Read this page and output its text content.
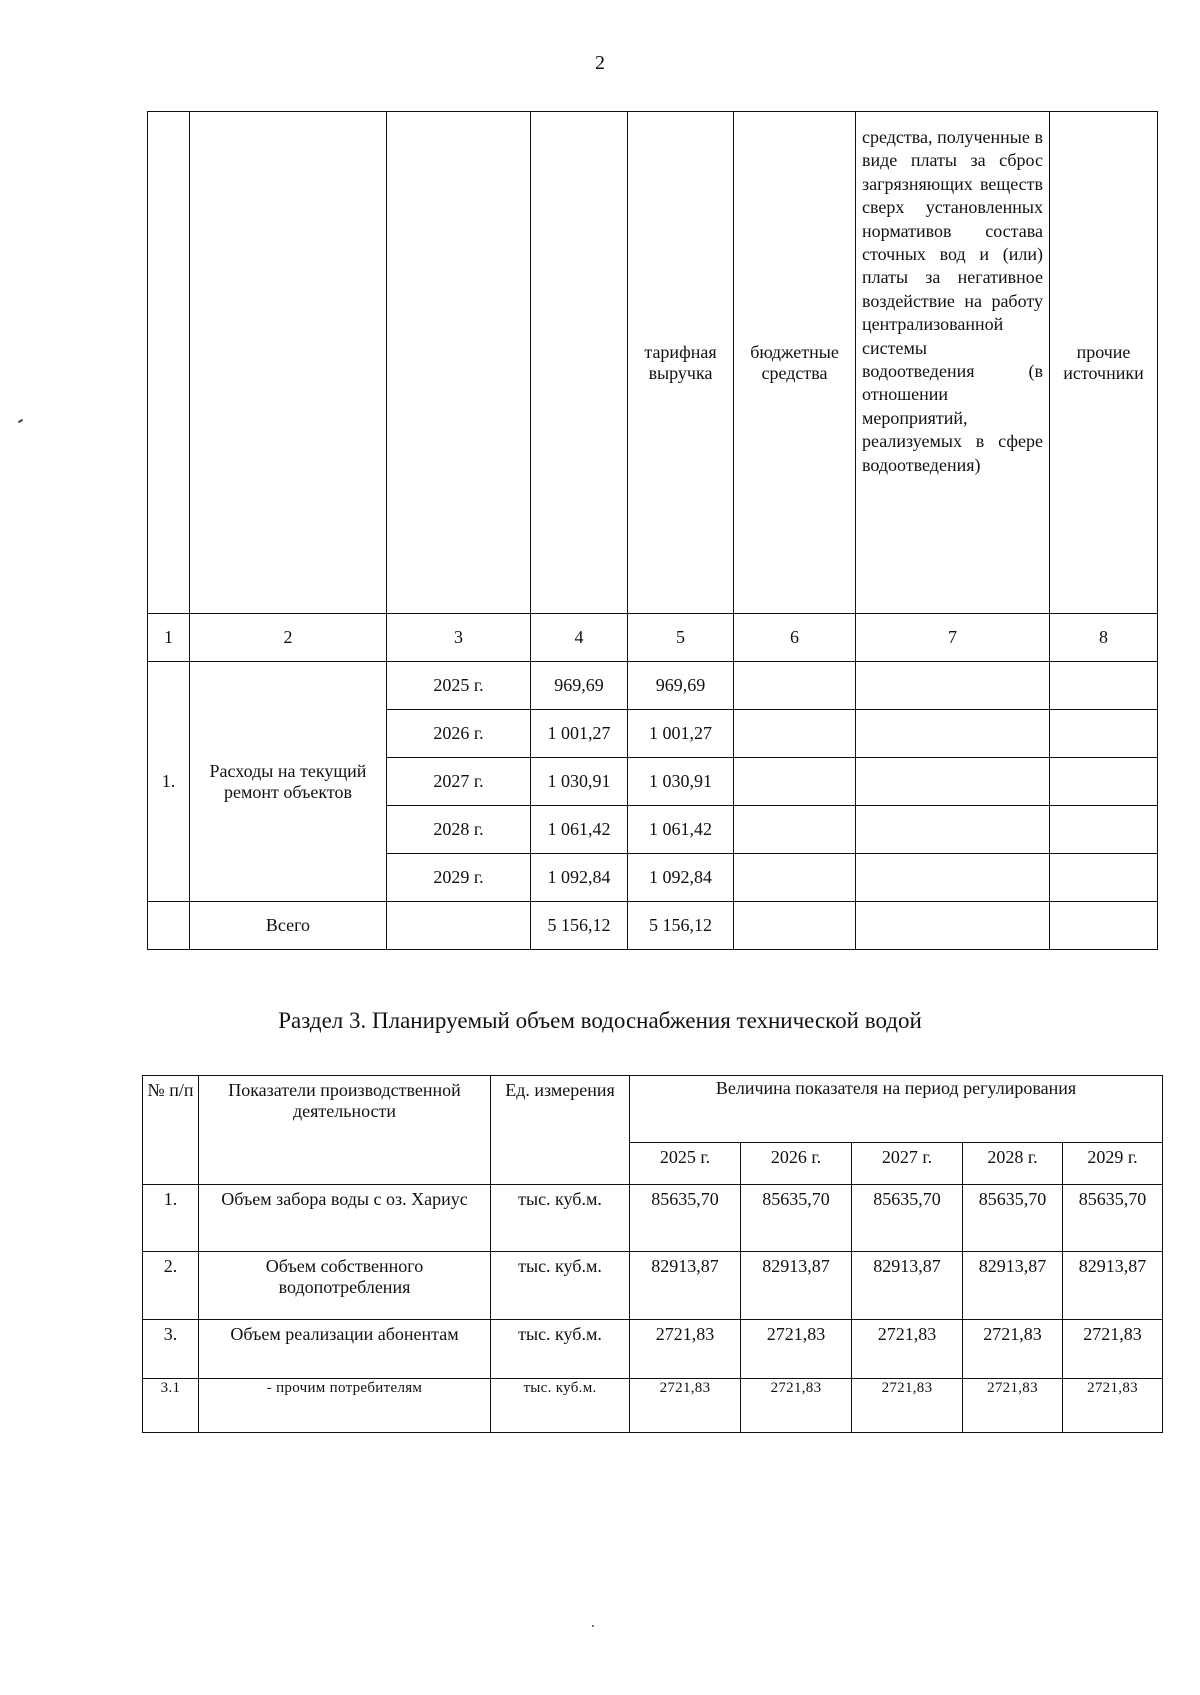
2
				тарифная выручка	бюджетные средства	средства, полученные в виде платы за сброс загрязняющих веществ сверх установленных нормативов состава сточных вод и (или) платы за негативное воздействие на работу централизованной системы водоотведения (в отношении мероприятий, реализуемых в сфере водоотведения)	прочие источники
1	2	3	4	5	6	7	8
1.	Расходы на текущий ремонт объектов	2025 г.	969,69	969,69			
		2026 г.	1 001,27	1 001,27			
		2027 г.	1 030,91	1 030,91			
		2028 г.	1 061,42	1 061,42			
		2029 г.	1 092,84	1 092,84			
	Всего		5 156,12	5 156,12			
Раздел 3. Планируемый объем водоснабжения технической водой
№ п/п	Показатели производственной деятельности	Ед. измерения	Величина показателя на период регулирования				
			2025 г.	2026 г.	2027 г.	2028 г.	2029 г.
1.	Объем забора воды с оз. Хариус	тыс. куб.м.	85635,70	85635,70	85635,70	85635,70	85635,70
2.	Объем собственного водопотребления	тыс. куб.м.	82913,87	82913,87	82913,87	82913,87	82913,87
3.	Объем реализации абонентам	тыс. куб.м.	2721,83	2721,83	2721,83	2721,83	2721,83
3.1	- прочим потребителям	тыс. куб.м.	2721,83	2721,83	2721,83	2721,83	2721,83
